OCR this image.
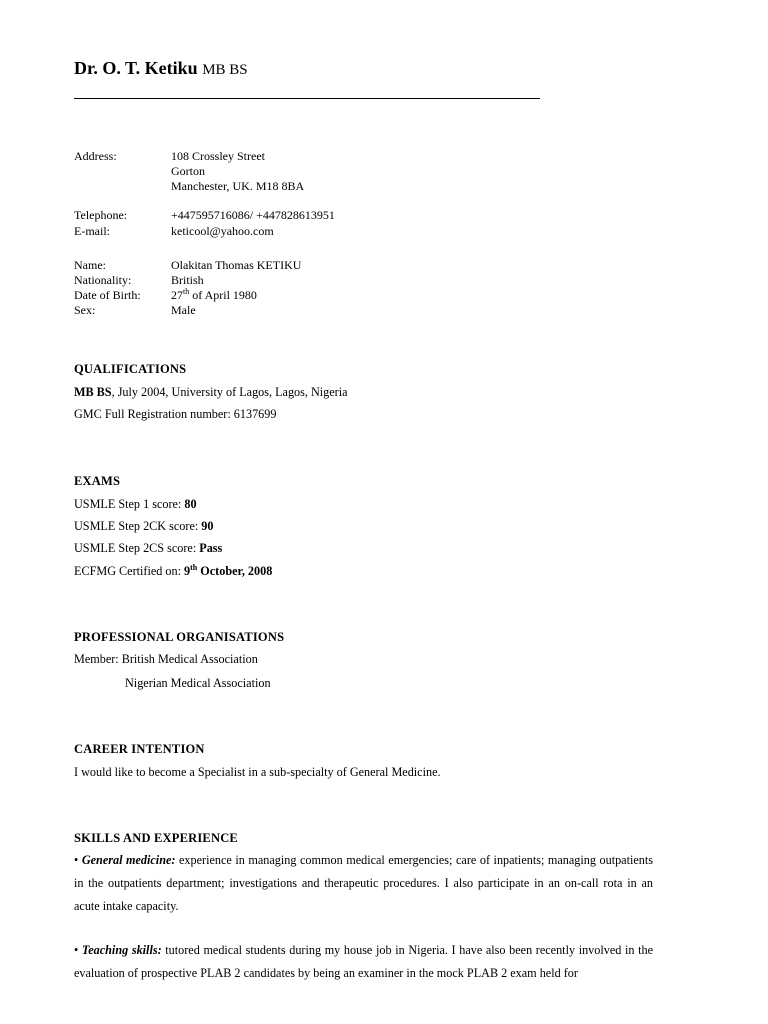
Dr. O. T. Ketiku MB BS
Address:	108 Crossley Street
Gorton
Manchester, UK. M18 8BA
Telephone:	+447595716086/ +447828613951
E-mail:	keticool@yahoo.com
Name:	Olakitan Thomas KETIKU
Nationality:	British
Date of Birth:	27th of April 1980
Sex:	Male
QUALIFICATIONS
MB BS, July 2004, University of Lagos, Lagos, Nigeria
GMC Full Registration number: 6137699
EXAMS
USMLE Step 1 score: 80
USMLE Step 2CK score: 90
USMLE Step 2CS score: Pass
ECFMG Certified on: 9th October, 2008
PROFESSIONAL ORGANISATIONS
Member: British Medical Association
Nigerian Medical Association
CAREER INTENTION
I would like to become a Specialist in a sub-specialty of General Medicine.
SKILLS AND EXPERIENCE
• General medicine: experience in managing common medical emergencies; care of inpatients; managing outpatients in the outpatients department; investigations and therapeutic procedures. I also participate in an on-call rota in an acute intake capacity.
• Teaching skills: tutored medical students during my house job in Nigeria. I have also been recently involved in the evaluation of prospective PLAB 2 candidates by being an examiner in the mock PLAB 2 exam held for
